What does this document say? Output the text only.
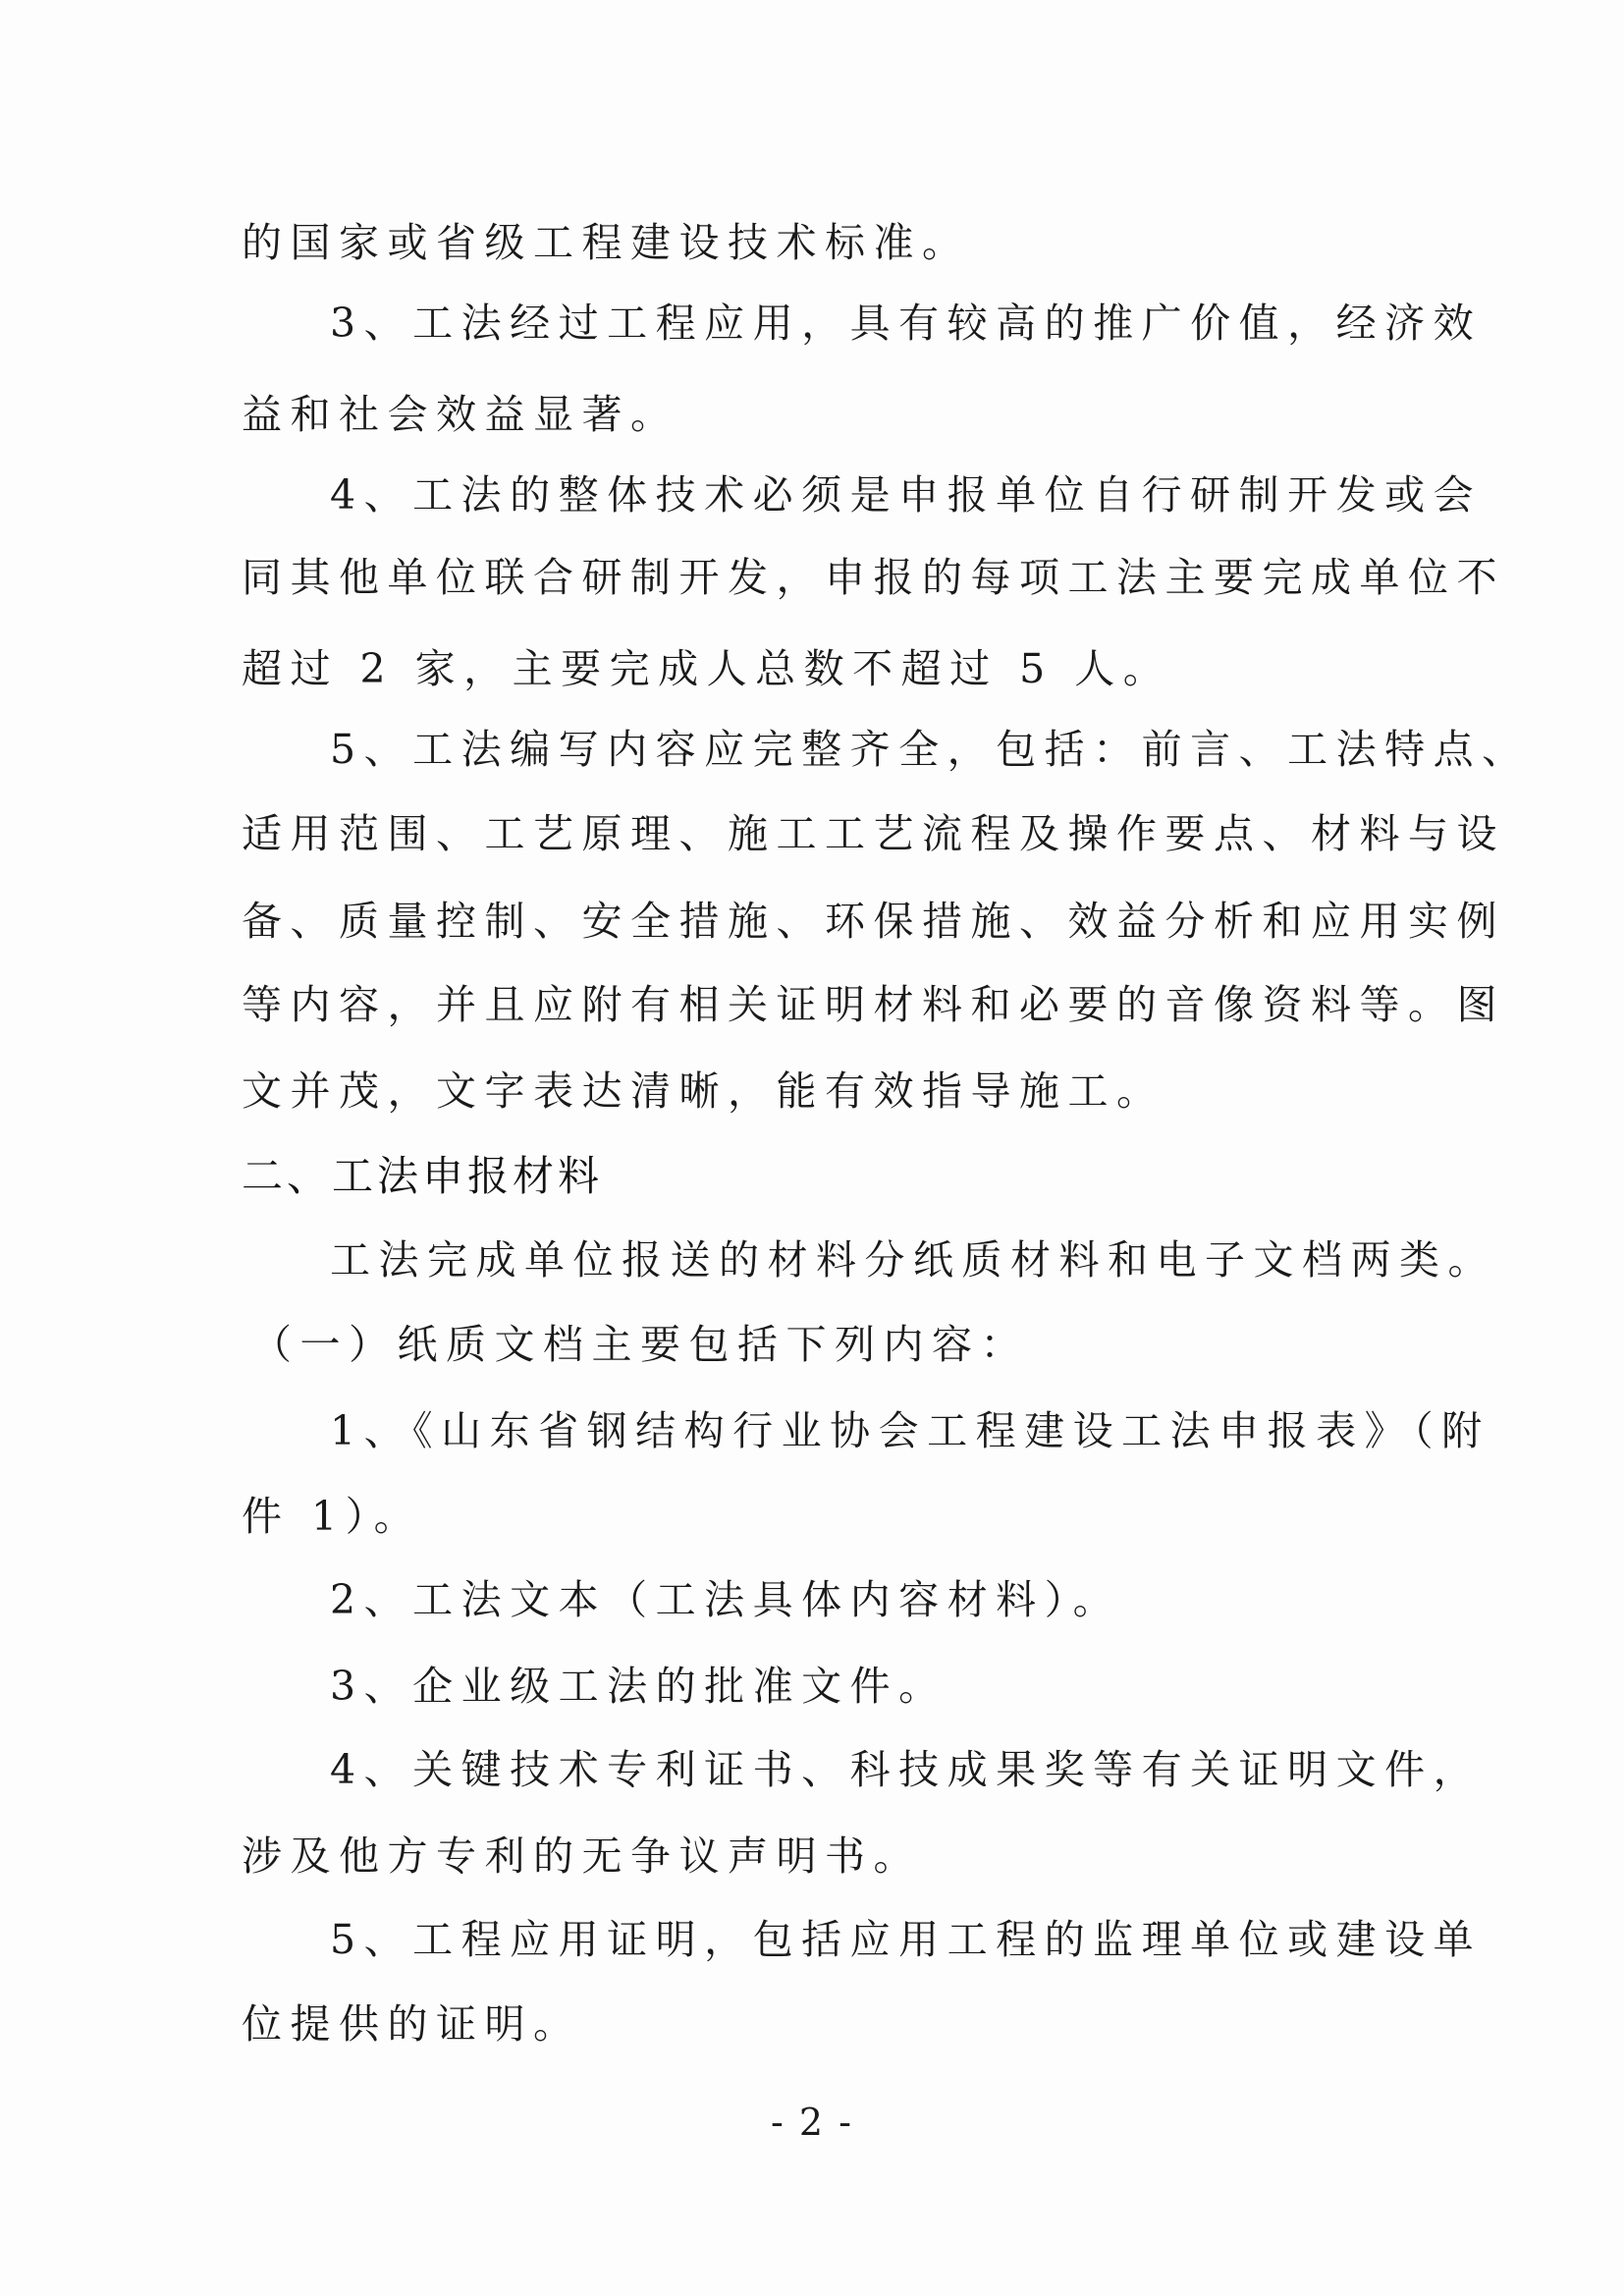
的国家或省级工程建设技术标准。
3、工法经过工程应用，具有较高的推广价值，经济效
益和社会效益显著。
4、工法的整体技术必须是申报单位自行研制开发或会
同其他单位联合研制开发，申报的每项工法主要完成单位不
超过 2 家，主要完成人总数不超过 5 人。
5、工法编写内容应完整齐全，包括：前言、工法特点、
适用范围、工艺原理、施工工艺流程及操作要点、材料与设
备、质量控制、安全措施、环保措施、效益分析和应用实例
等内容，并且应附有相关证明材料和必要的音像资料等。图
文并茂，文字表达清晰，能有效指导施工。
二、工法申报材料
工法完成单位报送的材料分纸质材料和电子文档两类。
（一）纸质文档主要包括下列内容：
1、《山东省钢结构行业协会工程建设工法申报表》（附
件 1）。
2、工法文本（工法具体内容材料）。
3、企业级工法的批准文件。
4、关键技术专利证书、科技成果奖等有关证明文件，
涉及他方专利的无争议声明书。
5、工程应用证明，包括应用工程的监理单位或建设单
位提供的证明。
- 2 -
